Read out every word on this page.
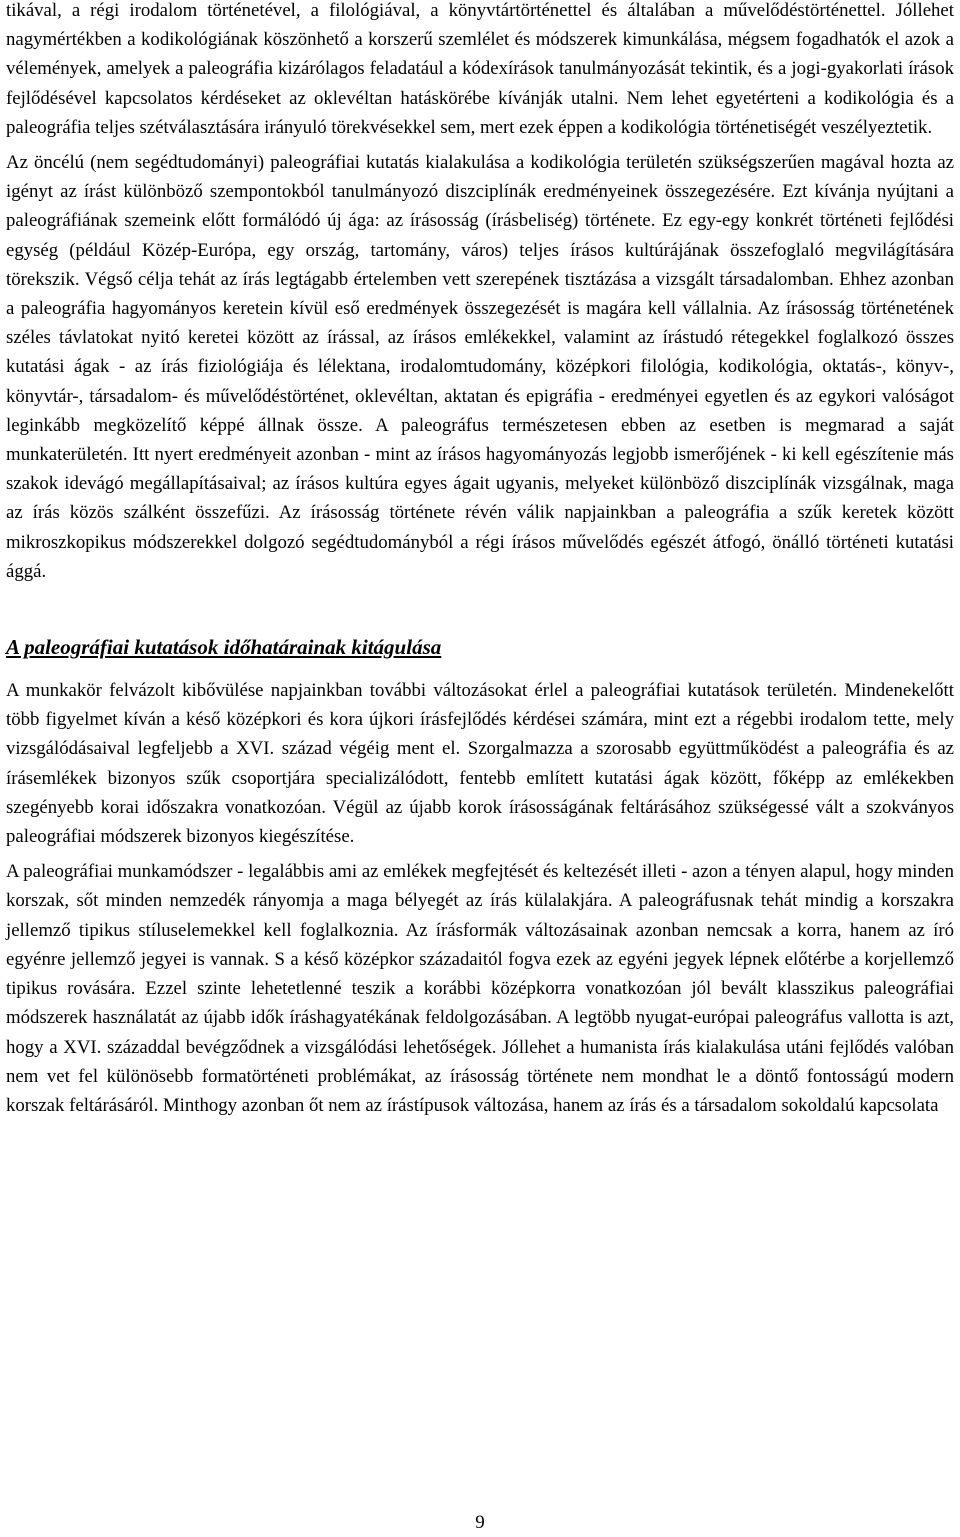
tikával, a régi irodalom történetével, a filológiával, a könyvtártörténettel és általában a művelődéstörténettel. Jóllehet nagymértékben a kodikológiának köszönhető a korszerű szemlélet és módszerek kimunkálása, mégsem fogadhatók el azok a vélemények, amelyek a paleográfia kizárólagos feladatául a kódexírások tanulmányozását tekintik, és a jogi-gyakorlati írások fejlődésével kapcsolatos kérdéseket az oklevéltan hatáskörébe kívánják utalni. Nem lehet egyetérteni a kodikológia és a paleográfia teljes szétválasztására irányuló törekvésekkel sem, mert ezek éppen a kodikológia történetiségét veszélyeztetik.

Az öncélú (nem segédtudományi) paleográfiai kutatás kialakulása a kodikológia területén szükségszerűen magával hozta az igényt az írást különböző szempontokból tanulmányozó diszciplínák eredményeinek összegezésére. Ezt kívánja nyújtani a paleográfiának szemeink előtt formálódó új ága: az írásosság (írásbeliség) története. Ez egy-egy konkrét történeti fejlődési egység (például Közép-Európa, egy ország, tartomány, város) teljes írásos kultúrájának összefoglaló megvilágítására törekszik. Végső célja tehát az írás legtágabb értelemben vett szerepének tisztázása a vizsgált társadalomban. Ehhez azonban a paleográfia hagyományos keretein kívül eső eredmények összegezését is magára kell vállalnia. Az írásosság történetének széles távlatokat nyitó keretei között az írással, az írásos emlékekkel, valamint az írástudó rétegekkel foglalkozó összes kutatási ágak - az írás fiziológiája és lélektana, irodalomtudomány, középkori filológia, kodikológia, oktatás-, könyv-, könyvtár-, társadalom- és művelődéstörténet, oklevéltan, aktatan és epigráfia - eredményei egyetlen és az egykori valóságot leginkább megközelítő képpé állnak össze. A paleográfus természetesen ebben az esetben is megmarad a saját munkaterületén. Itt nyert eredményeit azonban - mint az írásos hagyományozás legjobb ismerőjének - ki kell egészítenie más szakok idevágó megállapításaival; az írásos kultúra egyes ágait ugyanis, melyeket különböző diszciplínák vizsgálnak, maga az írás közös szálként összefűzi. Az írásosság története révén válik napjainkban a paleográfia a szűk keretek között mikroszkopikus módszerekkel dolgozó segédtudományból a régi írásos művelődés egészét átfogó, önálló történeti kutatási ággá.

A paleográfiai kutatások időhatárainak kitágulása

A munkakör felvázolt kibővülése napjainkban további változásokat érlel a paleográfiai kutatások területén. Mindenekelőtt több figyelmet kíván a késő középkori és kora újkori írásfejlődés kérdései számára, mint ezt a régebbi irodalom tette, mely vizsgálódásaival legfeljebb a XVI. század végéig ment el. Szorgalmazza a szorosabb együttműködést a paleográfia és az írásemlékek bizonyos szűk csoportjára specializálódott, fentebb említett kutatási ágak között, főképp az emlékekben szegényebb korai időszakra vonatkozóan. Végül az újabb korok írásosságának feltárásához szükségessé vált a szokványos paleográfiai módszerek bizonyos kiegészítése.

A paleográfiai munkamódszer - legalábbis ami az emlékek megfejtését és keltezését illeti - azon a tényen alapul, hogy minden korszak, sőt minden nemzedék rányomja a maga bélyegét az írás külalakjára. A paleográfusnak tehát mindig a korszakra jellemző tipikus stíluselemekkel kell foglalkoznia. Az írásformák változásainak azonban nemcsak a korra, hanem az író egyénre jellemző jegyei is vannak. S a késő középkor századaitól fogva ezek az egyéni jegyek lépnek előtérbe a korjellemző tipikus rovására. Ezzel szinte lehetetlenné teszik a korábbi középkorra vonatkozóan jól bevált klasszikus paleográfiai módszerek használatát az újabb idők íráshagyatékának feldolgozásában. A legtöbb nyugat-európai paleográfus vallotta is azt, hogy a XVI. századdal bevégződnek a vizsgálódási lehetőségek. Jóllehet a humanista írás kialakulása utáni fejlődés valóban nem vet fel különösebb formatörténeti problémákat, az írásosság története nem mondhat le a döntő fontosságú modern korszak feltárásáról. Minthogy azonban őt nem az írástípusok változása, hanem az írás és a társadalom sokoldalú kapcsolata

9
